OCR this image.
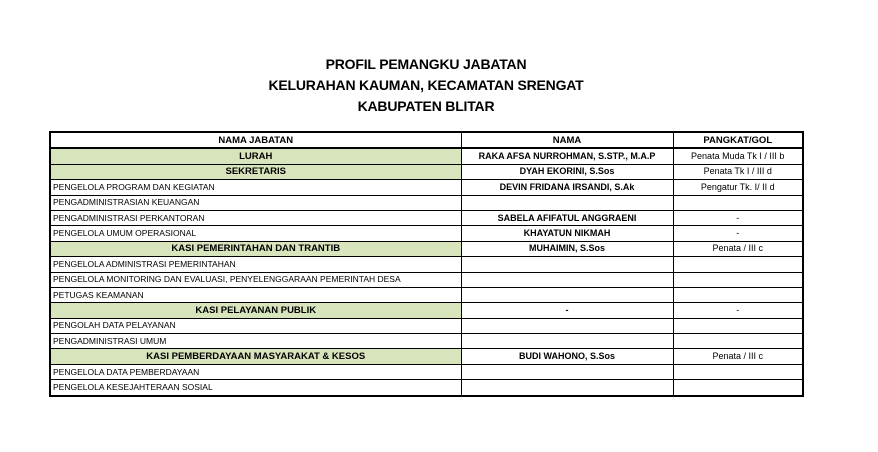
PROFIL PEMANGKU JABATAN
KELURAHAN KAUMAN, KECAMATAN SRENGAT
KABUPATEN BLITAR
NAMA JABATAN	NAMA	PANGKAT/GOL
LURAH	RAKA AFSA NURROHMAN, S.STP., M.A.P	Penata Muda Tk I / III b
SEKRETARIS	DYAH EKORINI, S.Sos	Penata Tk I / III d
PENGELOLA PROGRAM DAN KEGIATAN	DEVIN FRIDANA IRSANDI, S.Ak	Pengatur Tk. I/ II d
PENGADMINISTRASIAN KEUANGAN		
PENGADMINISTRASI PERKANTORAN	SABELA AFIFATUL ANGGRAENI	-
PENGELOLA UMUM OPERASIONAL	KHAYATUN NIKMAH	-
KASI PEMERINTAHAN DAN TRANTIB	MUHAIMIN, S.Sos	Penata / III c
PENGELOLA ADMINISTRASI PEMERINTAHAN		
PENGELOLA MONITORING DAN EVALUASI, PENYELENGGARAAN PEMERINTAH DESA		
PETUGAS KEAMANAN		
KASI PELAYANAN PUBLIK	-	-
PENGOLAH DATA PELAYANAN		
PENGADMINISTRASI UMUM		
KASI PEMBERDAYAAN MASYARAKAT & KESOS	BUDI WAHONO, S.Sos	Penata / III c
PENGELOLA DATA PEMBERDAYAAN		
PENGELOLA KESEJAHTERAAN SOSIAL		
